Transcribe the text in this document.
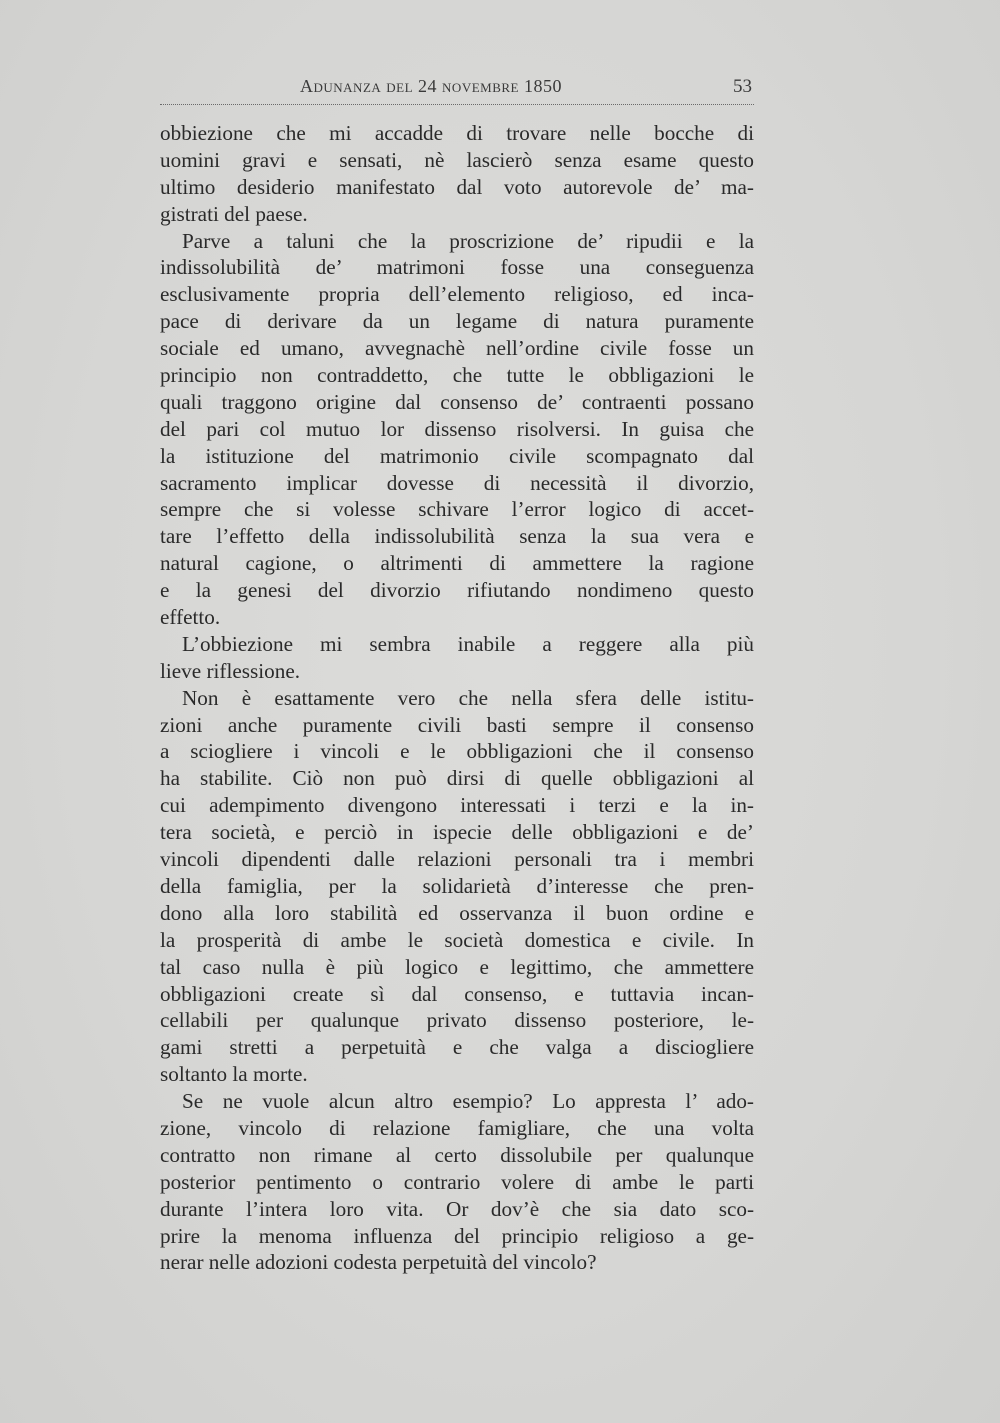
Adunanza del 24 novembre 1850	53
obbiezione che mi accadde di trovare nelle bocche di
uomini gravi e sensati, nè lascierò senza esame questo
ultimo desiderio manifestato dal voto autorevole de’ ma-
gistrati del paese.
Parve a taluni che la proscrizione de’ ripudii e la
indissolubilità de’ matrimoni fosse una conseguenza
esclusivamente propria dell’elemento religioso, ed inca-
pace di derivare da un legame di natura puramente
sociale ed umano, avvegnachè nell’ordine civile fosse un
principio non contraddetto, che tutte le obbligazioni le
quali traggono origine dal consenso de’ contraenti possano
del pari col mutuo lor dissenso risolversi. In guisa che
la istituzione del matrimonio civile scompagnato dal
sacramento implicar dovesse di necessità il divorzio,
sempre che si volesse schivare l’error logico di accet-
tare l’effetto della indissolubilità senza la sua vera e
natural cagione, o altrimenti di ammettere la ragione
e la genesi del divorzio rifiutando nondimeno questo
effetto.
L’obbiezione mi sembra inabile a reggere alla più
lieve riflessione.
Non è esattamente vero che nella sfera delle istitu-
zioni anche puramente civili basti sempre il consenso
a sciogliere i vincoli e le obbligazioni che il consenso
ha stabilite. Ciò non può dirsi di quelle obbligazioni al
cui adempimento divengono interessati i terzi e la in-
tera società, e perciò in ispecie delle obbligazioni e de’
vincoli dipendenti dalle relazioni personali tra i membri
della famiglia, per la solidarietà d’interesse che pren-
dono alla loro stabilità ed osservanza il buon ordine e
la prosperità di ambe le società domestica e civile. In
tal caso nulla è più logico e legittimo, che ammettere
obbligazioni create sì dal consenso, e tuttavia incan-
cellabili per qualunque privato dissenso posteriore, le-
gami stretti a perpetuità e che valga a disciogliere
soltanto la morte.
Se ne vuole alcun altro esempio? Lo appresta l’ ado-
zione, vincolo di relazione famigliare, che una volta
contratto non rimane al certo dissolubile per qualunque
posterior pentimento o contrario volere di ambe le parti
durante l’intera loro vita. Or dov’è che sia dato sco-
prire la menoma influenza del principio religioso a ge-
nerar nelle adozioni codesta perpetuità del vincolo?
